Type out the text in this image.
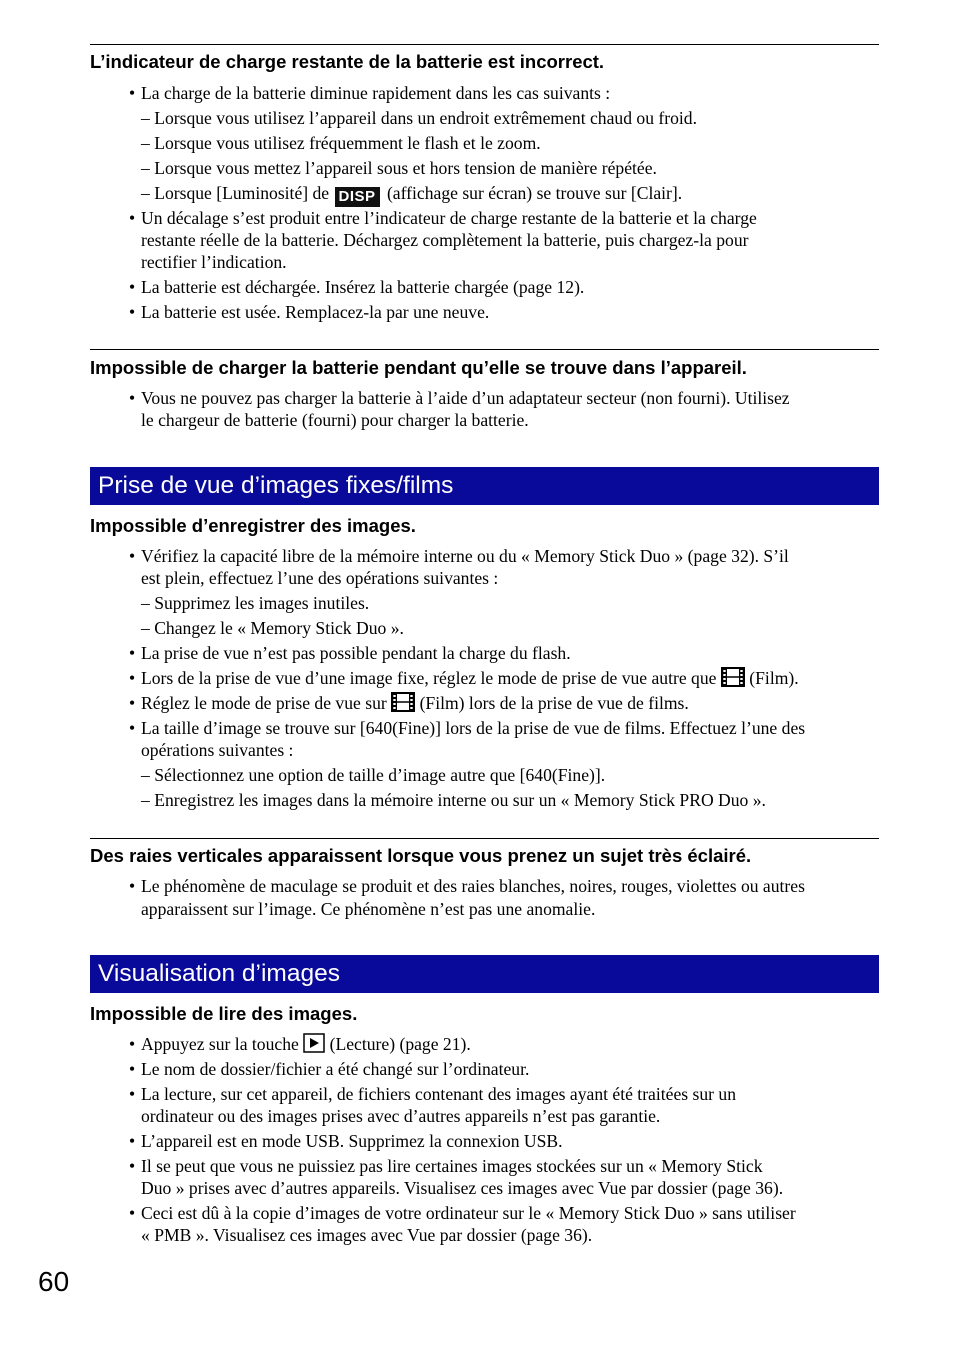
L’indicateur de charge restante de la batterie est incorrect.
• La charge de la batterie diminue rapidement dans les cas suivants :
– Lorsque vous utilisez l’appareil dans un endroit extrêmement chaud ou froid.
– Lorsque vous utilisez fréquemment le flash et le zoom.
– Lorsque vous mettez l’appareil sous et hors tension de manière répétée.
– Lorsque [Luminosité] de DISP (affichage sur écran) se trouve sur [Clair].
• Un décalage s’est produit entre l’indicateur de charge restante de la batterie et la charge
restante réelle de la batterie. Déchargez complètement la batterie, puis chargez-la pour
rectifier l’indication.
• La batterie est déchargée. Insérez la batterie chargée (page 12).
• La batterie est usée. Remplacez-la par une neuve.
Impossible de charger la batterie pendant qu’elle se trouve dans l’appareil.
• Vous ne pouvez pas charger la batterie à l’aide d’un adaptateur secteur (non fourni). Utilisez
le chargeur de batterie (fourni) pour charger la batterie.
Prise de vue d’images fixes/films
Impossible d’enregistrer des images.
• Vérifiez la capacité libre de la mémoire interne ou du « Memory Stick Duo » (page 32). S’il
est plein, effectuez l’une des opérations suivantes :
– Supprimez les images inutiles.
– Changez le « Memory Stick Duo ».
• La prise de vue n’est pas possible pendant la charge du flash.
• Lors de la prise de vue d’une image fixe, réglez le mode de prise de vue autre que (Film).
• Réglez le mode de prise de vue sur (Film) lors de la prise de vue de films.
• La taille d’image se trouve sur [640(Fine)] lors de la prise de vue de films. Effectuez l’une des
opérations suivantes :
– Sélectionnez une option de taille d’image autre que [640(Fine)].
– Enregistrez les images dans la mémoire interne ou sur un « Memory Stick PRO Duo ».
Des raies verticales apparaissent lorsque vous prenez un sujet très éclairé.
• Le phénomène de maculage se produit et des raies blanches, noires, rouges, violettes ou autres
apparaissent sur l’image. Ce phénomène n’est pas une anomalie.
Visualisation d’images
Impossible de lire des images.
• Appuyez sur la touche (Lecture) (page 21).
• Le nom de dossier/fichier a été changé sur l’ordinateur.
• La lecture, sur cet appareil, de fichiers contenant des images ayant été traitées sur un
ordinateur ou des images prises avec d’autres appareils n’est pas garantie.
• L’appareil est en mode USB. Supprimez la connexion USB.
• Il se peut que vous ne puissiez pas lire certaines images stockées sur un « Memory Stick
Duo » prises avec d’autres appareils. Visualisez ces images avec Vue par dossier (page 36).
• Ceci est dû à la copie d’images de votre ordinateur sur le « Memory Stick Duo » sans utiliser
« PMB ». Visualisez ces images avec Vue par dossier (page 36).
60
